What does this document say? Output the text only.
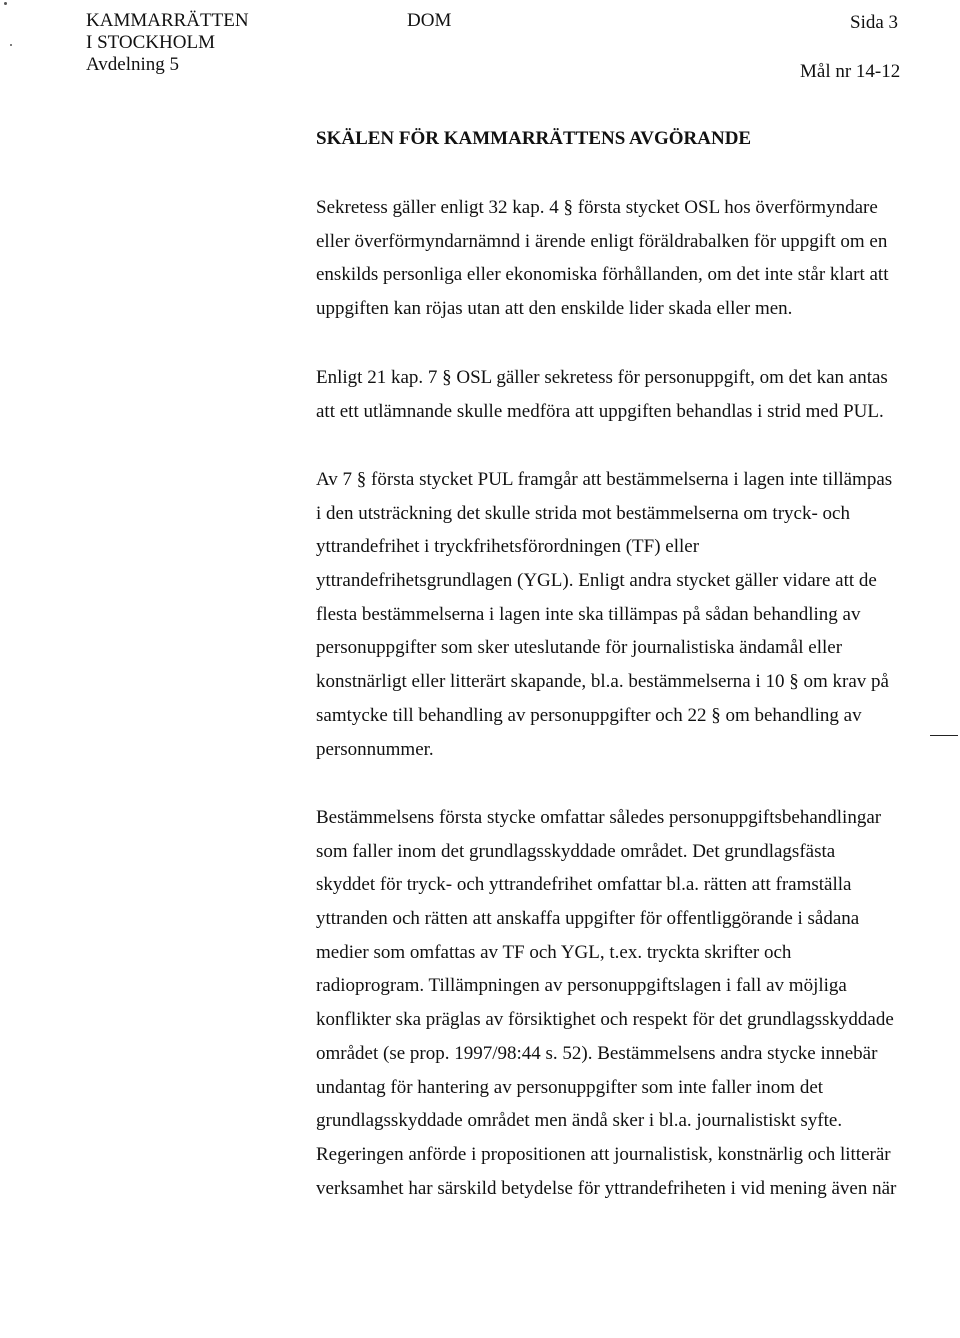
KAMMARRÄTTEN
I STOCKHOLM
Avdelning 5
DOM	Sida 3
Mål nr 14-12
SKÄLEN FÖR KAMMARRÄTTENS AVGÖRANDE
Sekretess gäller enligt 32 kap. 4 § första stycket OSL hos överförmyndare
eller överförmyndarnämnd i ärende enligt föräldrabalken för uppgift om en
enskilds personliga eller ekonomiska förhållanden, om det inte står klart att
uppgiften kan röjas utan att den enskilde lider skada eller men.
Enligt 21 kap. 7 § OSL gäller sekretess för personuppgift, om det kan antas
att ett utlämnande skulle medföra att uppgiften behandlas i strid med PUL.
Av 7 § första stycket PUL framgår att bestämmelserna i lagen inte tillämpas
i den utsträckning det skulle strida mot bestämmelserna om tryck- och
yttrandefrihet i tryckfrihetsförordningen (TF) eller
yttrandefrihetsgrundlagen (YGL). Enligt andra stycket gäller vidare att de
flesta bestämmelserna i lagen inte ska tillämpas på sådan behandling av
personuppgifter som sker uteslutande för journalistiska ändamål eller
konstnärligt eller litterärt skapande, bl.a. bestämmelserna i 10 § om krav på
samtycke till behandling av personuppgifter och 22 § om behandling av
personnummer.
Bestämmelsens första stycke omfattar således personuppgiftsbehandlingar
som faller inom det grundlagsskyddade området. Det grundlagsfästa
skyddet för tryck- och yttrandefrihet omfattar bl.a. rätten att framställa
yttranden och rätten att anskaffa uppgifter för offentliggörande i sådana
medier som omfattas av TF och YGL, t.ex. tryckta skrifter och
radioprogram. Tillämpningen av personuppgiftslagen i fall av möjliga
konflikter ska präglas av försiktighet och respekt för det grundlagsskyddade
området (se prop. 1997/98:44 s. 52). Bestämmelsens andra stycke innebär
undantag för hantering av personuppgifter som inte faller inom det
grundlagsskyddade området men ändå sker i bl.a. journalistiskt syfte.
Regeringen anförde i propositionen att journalistisk, konstnärlig och litterär
verksamhet har särskild betydelse för yttrandefriheten i vid mening även när
